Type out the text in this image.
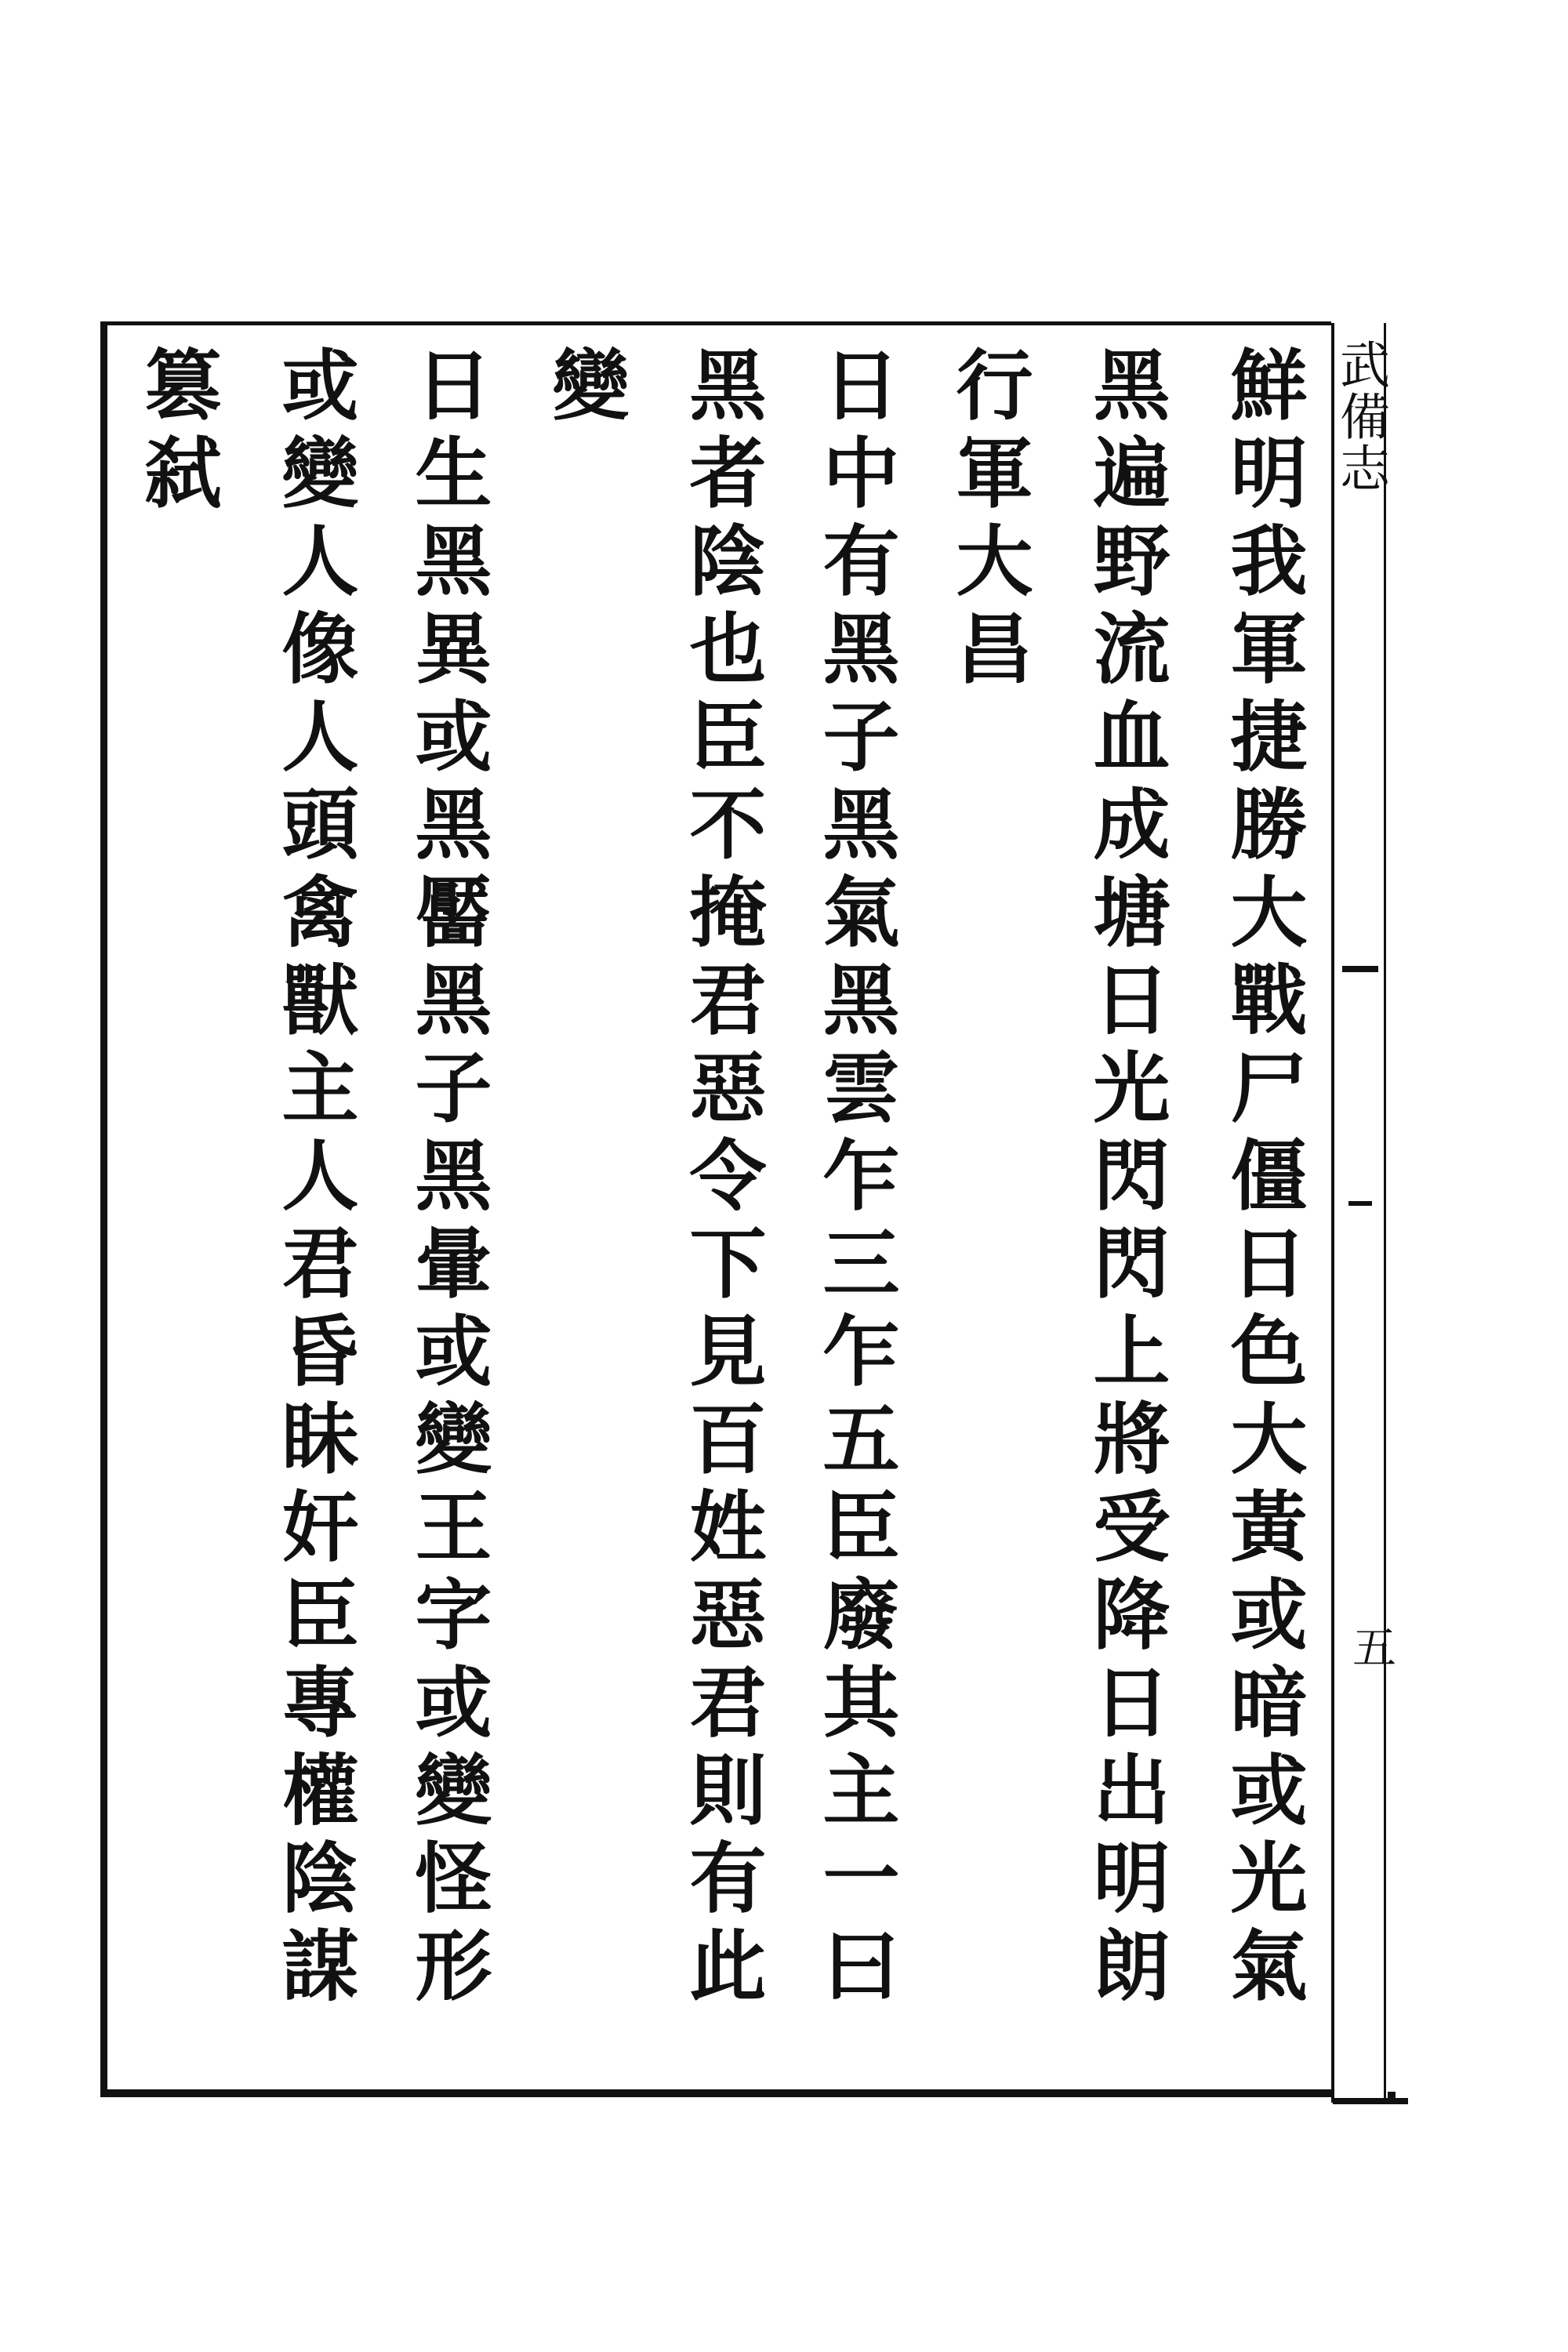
武備志
五
鮮明我軍捷勝大戰尸僵日色大黃或暗或光氣
黑遍野流血成塘日光閃閃上將受降日出明朗
行軍大昌
日中有黑子黑氣黑雲乍三乍五臣廢其主一曰
黑者陰也臣不掩君惡令下見百姓惡君則有此
變
日生黑異或黑靨黑子黑暈或變王字或變怪形
或變人像人頭禽獸主人君昏眛奸臣專權陰謀
篡弑
